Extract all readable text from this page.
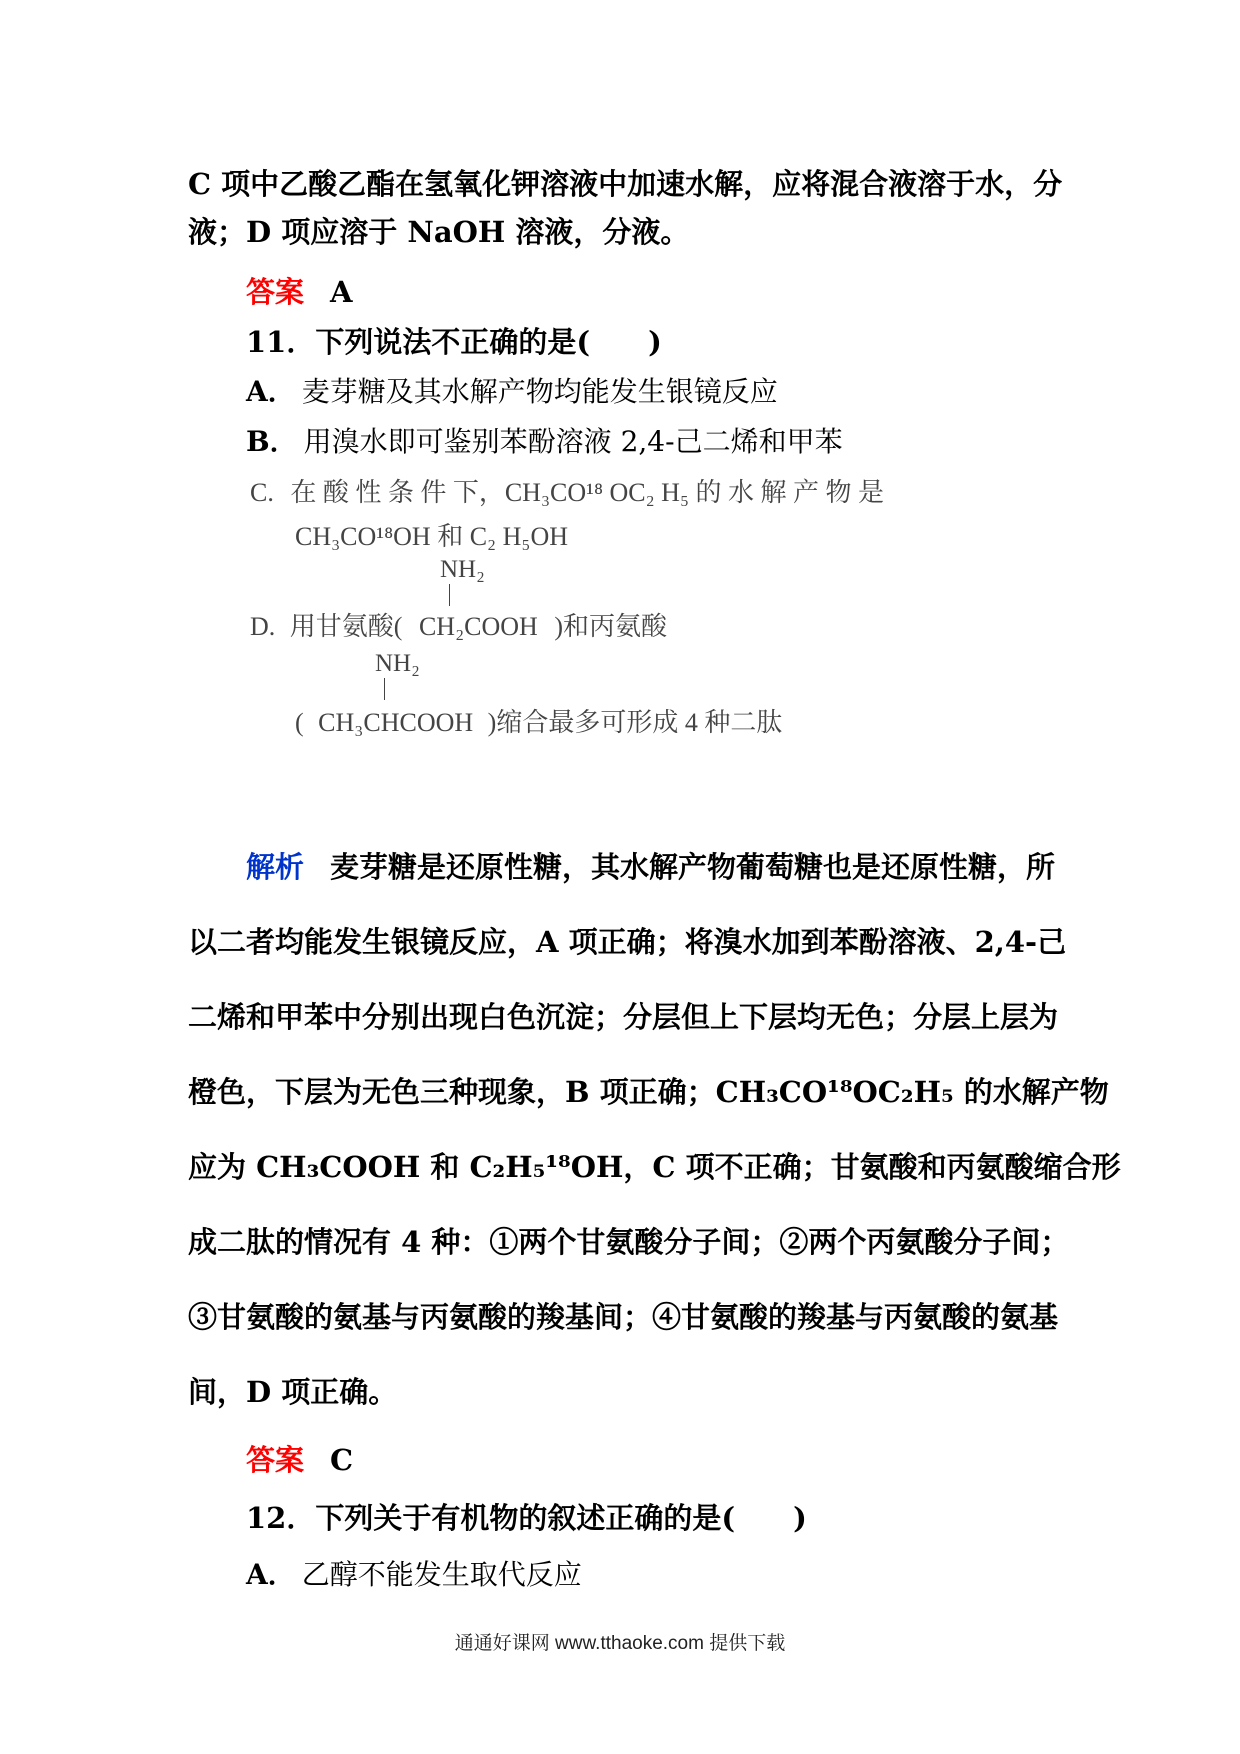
C 项中乙酸乙酯在氢氧化钾溶液中加速水解，应将混合液溶于水，分
液；D 项应溶于 NaOH 溶液，分液。
答案 A
11．下列说法不正确的是(　　)
A． 麦芽糖及其水解产物均能发生银镜反应
B． 用溴水即可鉴别苯酚溶液 2,4-己二烯和甲苯
C. 在 酸 性 条 件 下，CH₃CO¹⁸ OC₂ H₅ 的 水 解 产 物 是
CH₃CO¹⁸OH 和 C₂ H₅OH
NH₂
D. 用甘氨酸( CH₂COOH )和丙氨酸
NH₂
( CH₃CHCOOH )缩合最多可形成 4 种二肽
解析 麦芽糖是还原性糖，其水解产物葡萄糖也是还原性糖，所
以二者均能发生银镜反应，A 项正确；将溴水加到苯酚溶液、2,4-己
二烯和甲苯中分别出现白色沉淀；分层但上下层均无色；分层上层为
橙色，下层为无色三种现象，B 项正确；CH₃CO¹⁸OC₂H₅ 的水解产物
应为 CH₃COOH 和 C₂H₅¹⁸OH，C 项不正确；甘氨酸和丙氨酸缩合形
成二肽的情况有 4 种：①两个甘氨酸分子间；②两个丙氨酸分子间；
③甘氨酸的氨基与丙氨酸的羧基间；④甘氨酸的羧基与丙氨酸的氨基
间，D 项正确。
答案 C
12．下列关于有机物的叙述正确的是(　　)
A． 乙醇不能发生取代反应
通通好课网 www.tthaoke.com 提供下载
